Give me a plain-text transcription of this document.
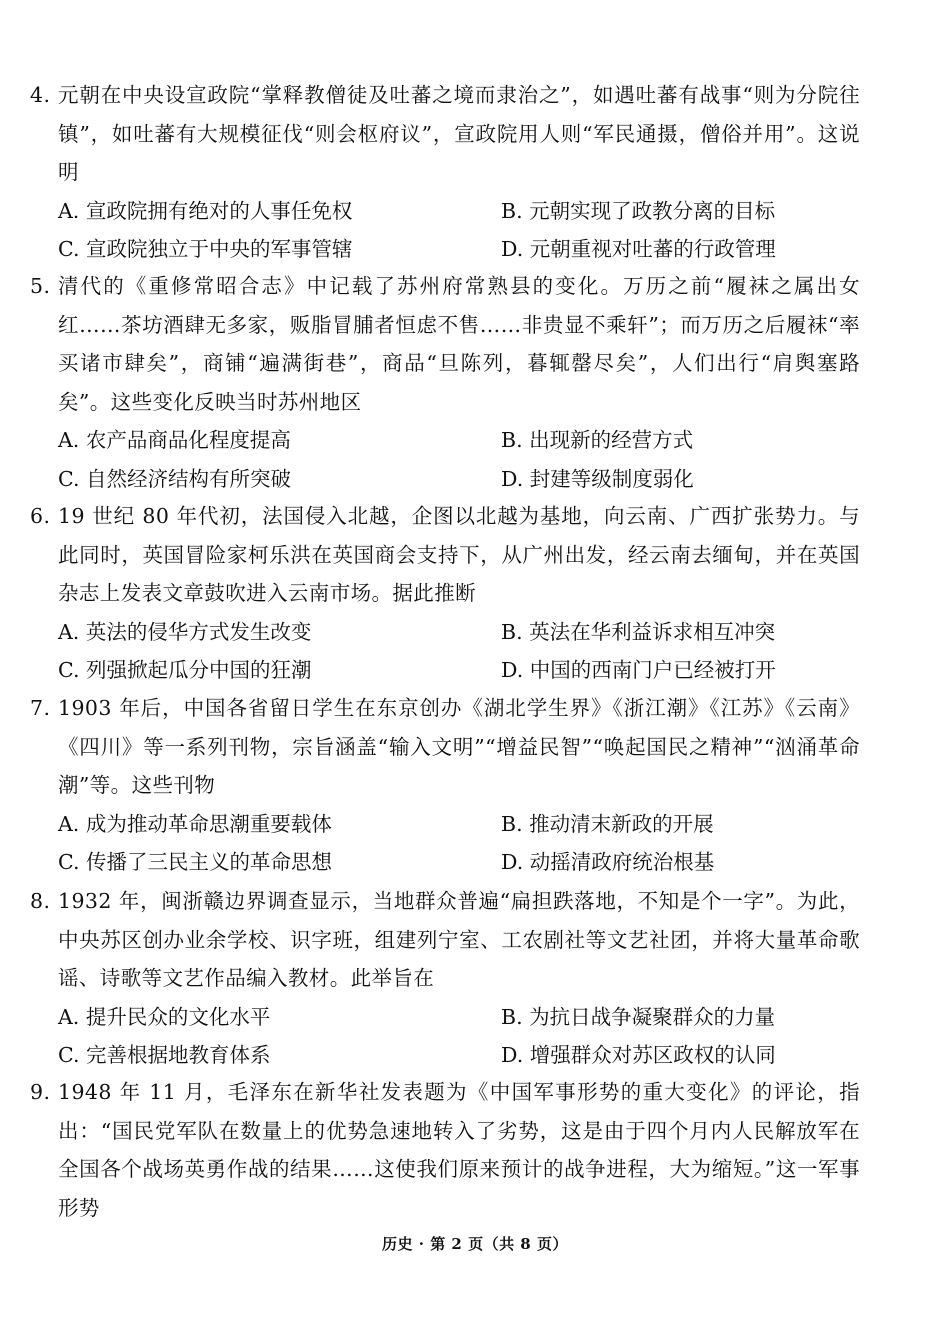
4. 元朝在中央设宣政院“掌释教僧徒及吐蕃之境而隶治之”，如遇吐蕃有战事“则为分院往镇”，如吐蕃有大规模征伐“则会枢府议”，宣政院用人则“军民通摄，僧俗并用”。这说明
A. 宣政院拥有绝对的人事任免权	B. 元朝实现了政教分离的目标
C. 宣政院独立于中央的军事管辖	D. 元朝重视对吐蕃的行政管理
5. 清代的《重修常昭合志》中记载了苏州府常熟县的变化。万历之前“履袜之属出女红……茶坊酒肆无多家，贩脂冒脯者恒虑不售……非贵显不乘轩”；而万历之后履袜“率买诸市肆矣”，商铺“遍满街巷”，商品“旦陈列，暮辄罄尽矣”，人们出行“肩舆塞路矣”。这些变化反映当时苏州地区
A. 农产品商品化程度提高	B. 出现新的经营方式
C. 自然经济结构有所突破	D. 封建等级制度弱化
6. 19 世纪 80 年代初，法国侵入北越，企图以北越为基地，向云南、广西扩张势力。与此同时，英国冒险家柯乐洪在英国商会支持下，从广州出发，经云南去缅甸，并在英国杂志上发表文章鼓吹进入云南市场。据此推断
A. 英法的侵华方式发生改变	B. 英法在华利益诉求相互冲突
C. 列强掀起瓜分中国的狂潮	D. 中国的西南门户已经被打开
7. 1903 年后，中国各省留日学生在东京创办《湖北学生界》《浙江潮》《江苏》《云南》《四川》等一系列刊物，宗旨涵盖“输入文明”“增益民智”“唤起国民之精神”“汹涌革命潮”等。这些刊物
A. 成为推动革命思潮重要载体	B. 推动清末新政的开展
C. 传播了三民主义的革命思想	D. 动摇清政府统治根基
8. 1932 年，闽浙赣边界调查显示，当地群众普遍“扁担跌落地，不知是个一字”。为此，中央苏区创办业余学校、识字班，组建列宁室、工农剧社等文艺社团，并将大量革命歌谣、诗歌等文艺作品编入教材。此举旨在
A. 提升民众的文化水平	B. 为抗日战争凝聚群众的力量
C. 完善根据地教育体系	D. 增强群众对苏区政权的认同
9. 1948 年 11 月，毛泽东在新华社发表题为《中国军事形势的重大变化》的评论，指出：“国民党军队在数量上的优势急速地转入了劣势，这是由于四个月内人民解放军在全国各个战场英勇作战的结果……这使我们原来预计的战争进程，大为缩短。”这一军事形势
历史 · 第 2 页（共 8 页）
